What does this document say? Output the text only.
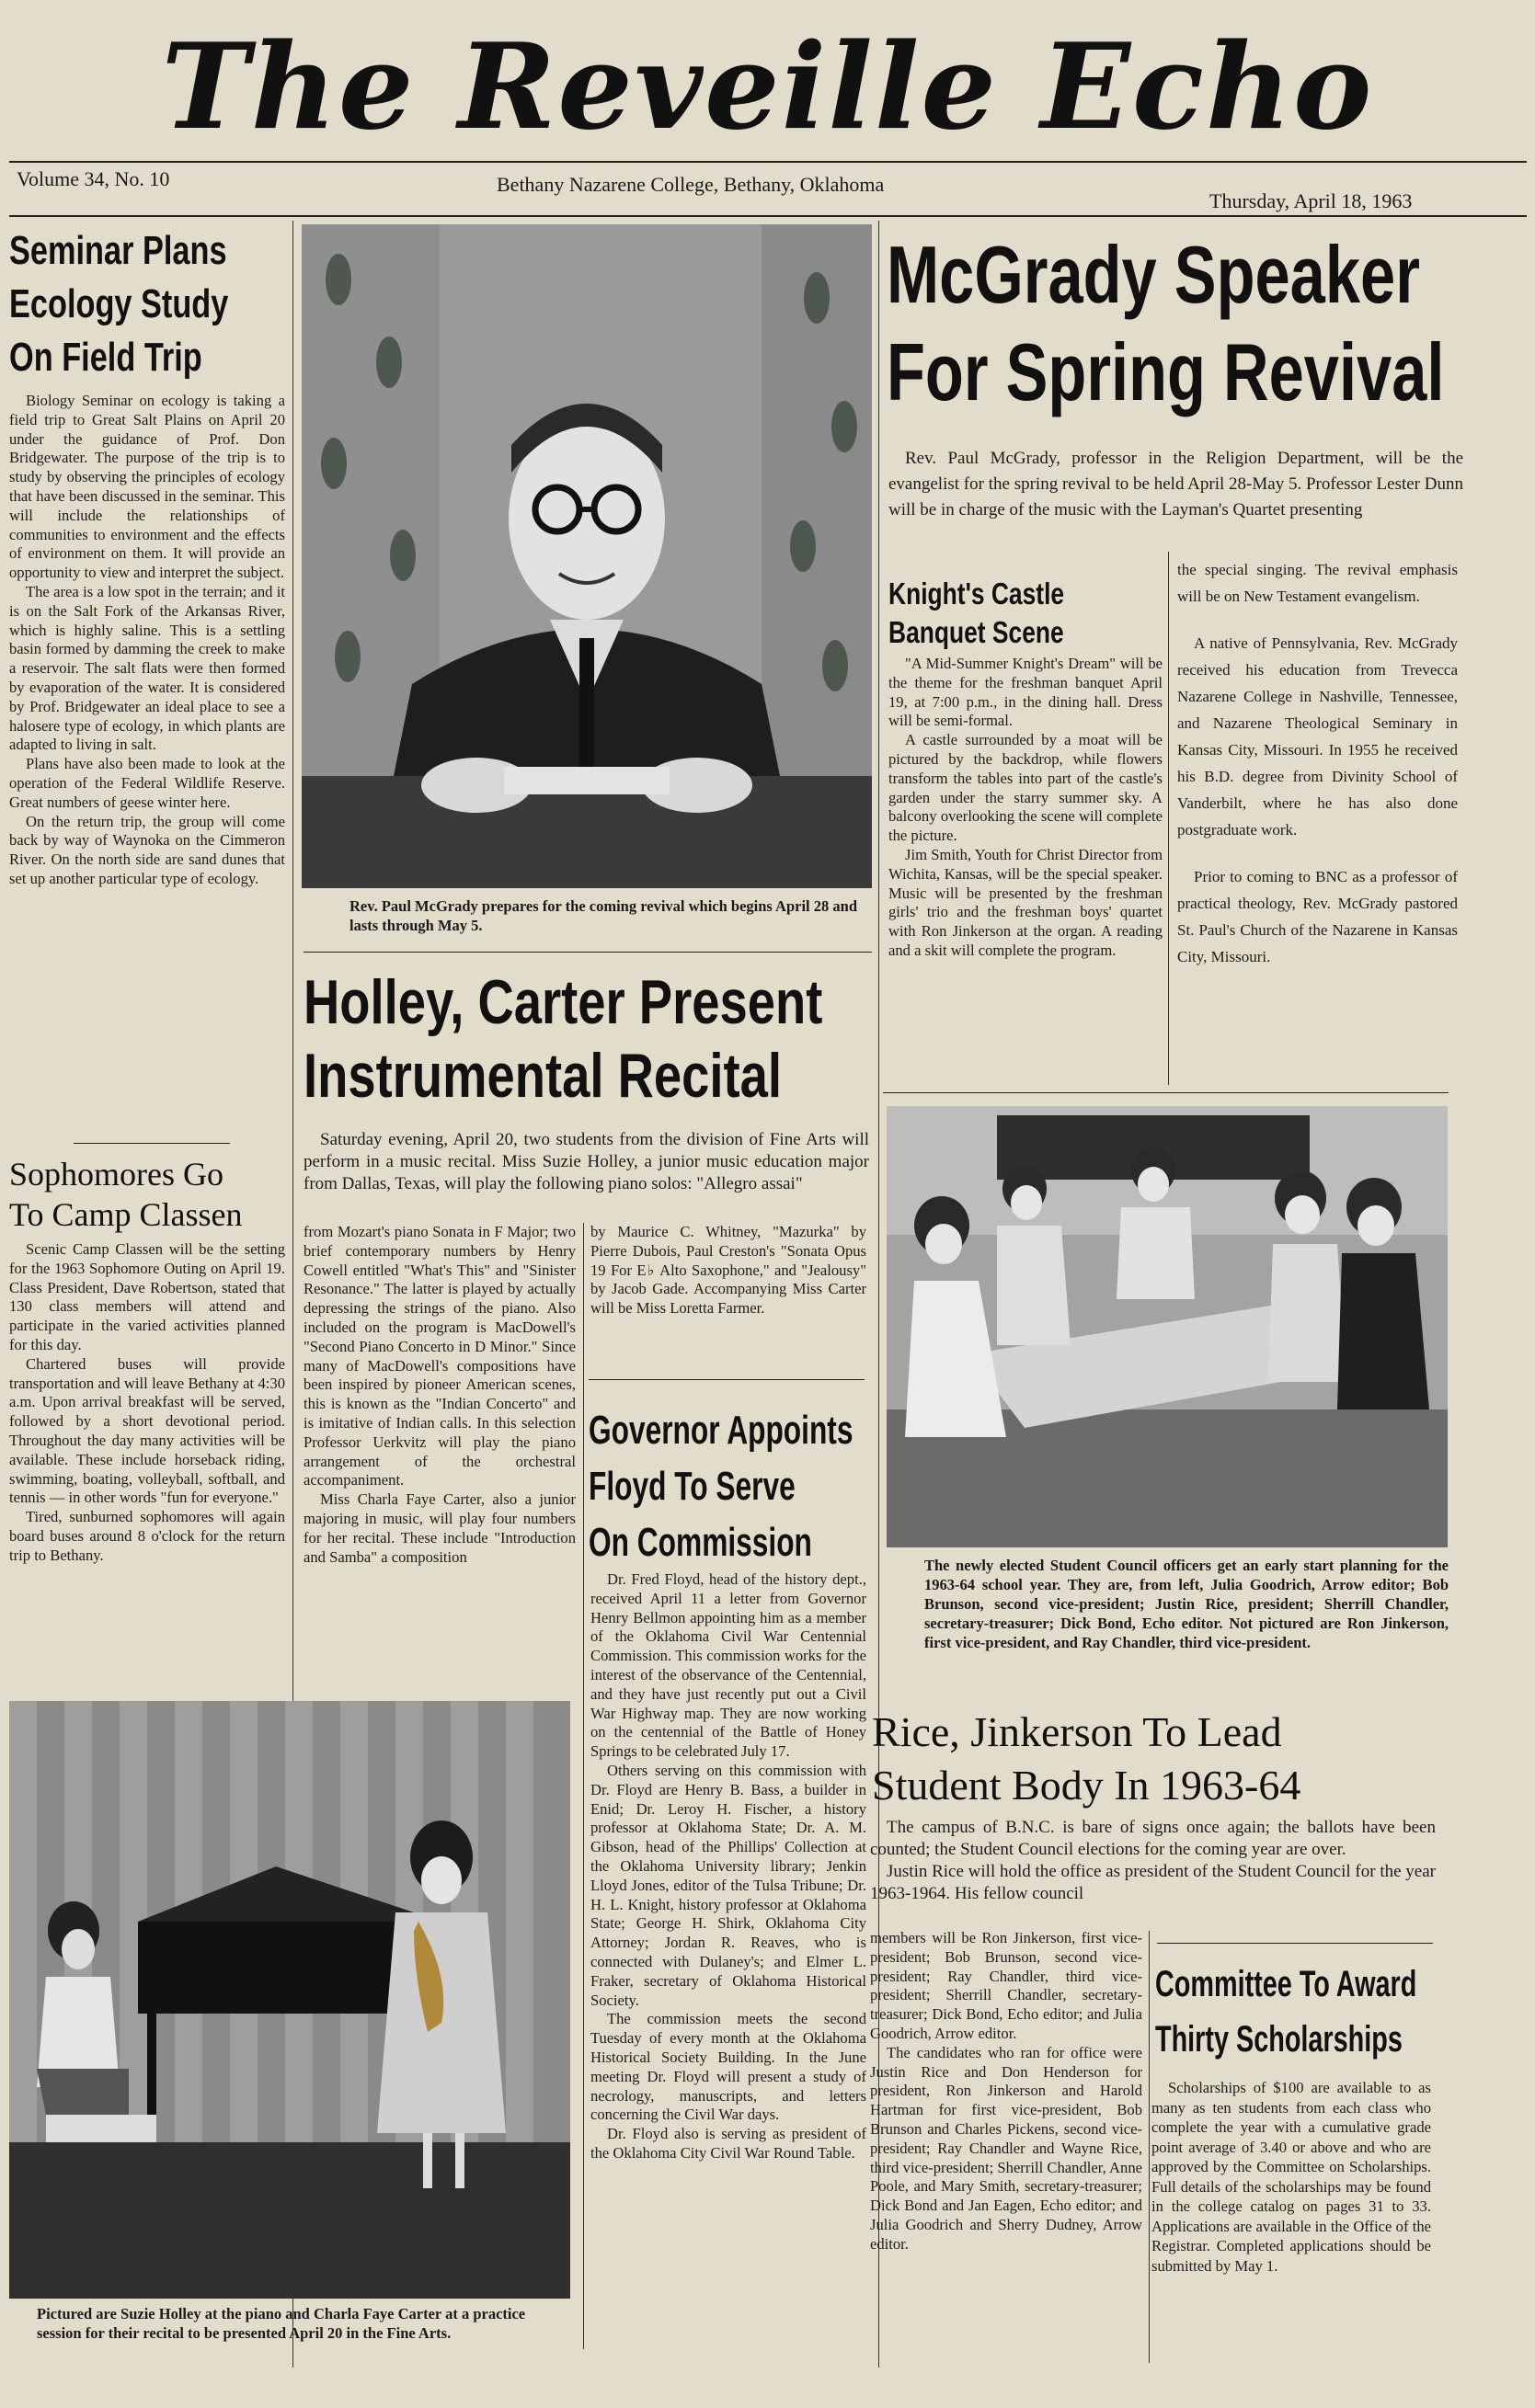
The Reveille Echo
Volume 34, No. 10	Bethany Nazarene College, Bethany, Oklahoma
Thursday, April 18, 1963
Seminar Plans
Ecology Study
On Field Trip

Biology Seminar on ecology is taking a field trip to Great Salt Plains on April 20 under the guidance of Prof. Don Bridgewater. The purpose of the trip is to study by observing the principles of ecology that have been discussed in the seminar. This will include the relationships of communities to environment and the effects of environment on them. It will provide an opportunity to view and interpret the subject.

The area is a low spot in the terrain; and it is on the Salt Fork of the Arkansas River, which is highly saline. This is a settling basin formed by damming the creek to make a reservoir. The salt flats were then formed by evaporation of the water. It is considered by Prof. Bridgewater an ideal place to see a halosere type of ecology, in which plants are adapted to living in salt.

Plans have also been made to look at the operation of the Federal Wildlife Reserve. Great numbers of geese winter here.

On the return trip, the group will come back by way of Waynoka on the Cimmeron River. On the north side are sand dunes that set up another particular type of ecology.

Sophomores Go
To Camp Classen

Scenic Camp Classen will be the setting for the 1963 Sophomore Outing on April 19. Class President, Dave Robertson, stated that 130 class members will attend and participate in the varied activities planned for this day.

Chartered buses will provide transportation and will leave Bethany at 4:30 a.m. Upon arrival breakfast will be served, followed by a short devotional period. Throughout the day many activities will be available. These include horseback riding, swimming, boating, volleyball, softball, and tennis — in other words "fun for everyone."

Tired, sunburned sophomores will again board buses around 8 o'clock for the return trip to Bethany.

Rev. Paul McGrady prepares for the coming revival which begins April 28 and lasts through May 5.
Holley, Carter Present
Instrumental Recital

Saturday evening, April 20, two students from the division of Fine Arts will perform in a music recital. Miss Suzie Holley, a junior music education major from Dallas, Texas, will play the following piano solos: "Allegro assai"

from Mozart's piano Sonata in F Major; two brief contemporary numbers by Henry Cowell entitled "What's This" and "Sinister Resonance." The latter is played by actually depressing the strings of the piano. Also included on the program is MacDowell's "Second Piano Concerto in D Minor." Since many of MacDowell's compositions have been inspired by pioneer American scenes, this is known as the "Indian Concerto" and is imitative of Indian calls. In this selection Professor Uerkvitz will play the piano arrangement of the orchestral accompaniment.

Miss Charla Faye Carter, also a junior majoring in music, will play four numbers for her recital. These include "Introduction and Samba" a composition

by Maurice C. Whitney, "Mazurka" by Pierre Dubois, Paul Creston's "Sonata Opus 19 For E♭ Alto Saxophone," and "Jealousy" by Jacob Gade. Accompanying Miss Carter will be Miss Loretta Farmer.

Pictured are Suzie Holley at the piano and Charla Faye Carter at a practice session for their recital to be presented April 20 in the Fine Arts.
Governor Appoints
Floyd To Serve
On Commission

Dr. Fred Floyd, head of the history dept., received April 11 a letter from Governor Henry Bellmon appointing him as a member of the Oklahoma Civil War Centennial Commission. This commission works for the interest of the observance of the Centennial, and they have just recently put out a Civil War Highway map. They are now working on the centennial of the Battle of Honey Springs to be celebrated July 17.

Others serving on this commission with Dr. Floyd are Henry B. Bass, a builder in Enid; Dr. Leroy H. Fischer, a history professor at Oklahoma State; Dr. A. M. Gibson, head of the Phillips' Collection at the Oklahoma University library; Jenkin Lloyd Jones, editor of the Tulsa Tribune; Dr. H. L. Knight, history professor at Oklahoma State; George H. Shirk, Oklahoma City Attorney; Jordan R. Reaves, who is connected with Dulaney's; and Elmer L. Fraker, secretary of Oklahoma Historical Society.

The commission meets the second Tuesday of every month at the Oklahoma Historical Society Building. In the June meeting Dr. Floyd will present a study of necrology, manuscripts, and letters concerning the Civil War days.

Dr. Floyd also is serving as president of the Oklahoma City Civil War Round Table.

McGrady Speaker
For Spring Revival

Rev. Paul McGrady, professor in the Religion Department, will be the evangelist for the spring revival to be held April 28-May 5. Professor Lester Dunn will be in charge of the music with the Layman's Quartet presenting

the special singing. The revival emphasis will be on New Testament evangelism.

A native of Pennsylvania, Rev. McGrady received his education from Trevecca Nazarene College in Nashville, Tennessee, and Nazarene Theological Seminary in Kansas City, Missouri. In 1955 he received his B.D. degree from Divinity School of Vanderbilt, where he has also done postgraduate work.

Prior to coming to BNC as a professor of practical theology, Rev. McGrady pastored St. Paul's Church of the Nazarene in Kansas City, Missouri.

Knight's Castle
Banquet Scene

"A Mid-Summer Knight's Dream" will be the theme for the freshman banquet April 19, at 7:00 p.m., in the dining hall. Dress will be semi-formal.

A castle surrounded by a moat will be pictured by the backdrop, while flowers transform the tables into part of the castle's garden under the starry summer sky. A balcony overlooking the scene will complete the picture.

Jim Smith, Youth for Christ Director from Wichita, Kansas, will be the special speaker. Music will be presented by the freshman girls' trio and the freshman boys' quartet with Ron Jinkerson at the organ. A reading and a skit will complete the program.

The newly elected Student Council officers get an early start planning for the 1963-64 school year. They are, from left, Julia Goodrich, Arrow editor; Bob Brunson, second vice-president; Justin Rice, president; Sherrill Chandler, secretary-treasurer; Dick Bond, Echo editor. Not pictured are Ron Jinkerson, first vice-president, and Ray Chandler, third vice-president.
Rice, Jinkerson To Lead
Student Body In 1963-64

The campus of B.N.C. is bare of signs once again; the ballots have been counted; the Student Council elections for the coming year are over.

Justin Rice will hold the office as president of the Student Council for the year 1963-1964. His fellow council

members will be Ron Jinkerson, first vice-president; Bob Brunson, second vice-president; Ray Chandler, third vice-president; Sherrill Chandler, secretary-treasurer; Dick Bond, Echo editor; and Julia Goodrich, Arrow editor.

The candidates who ran for office were Justin Rice and Don Henderson for president, Ron Jinkerson and Harold Hartman for first vice-president, Bob Brunson and Charles Pickens, second vice-president; Ray Chandler and Wayne Rice, third vice-president; Sherrill Chandler, Anne Poole, and Mary Smith, secretary-treasurer; Dick Bond and Jan Eagen, Echo editor; and Julia Goodrich and Sherry Dudney, Arrow editor.

Committee To Award
Thirty Scholarships

Scholarships of $100 are available to as many as ten students from each class who complete the year with a cumulative grade point average of 3.40 or above and who are approved by the Committee on Scholarships. Full details of the scholarships may be found in the college catalog on pages 31 to 33. Applications are available in the Office of the Registrar. Completed applications should be submitted by May 1.
